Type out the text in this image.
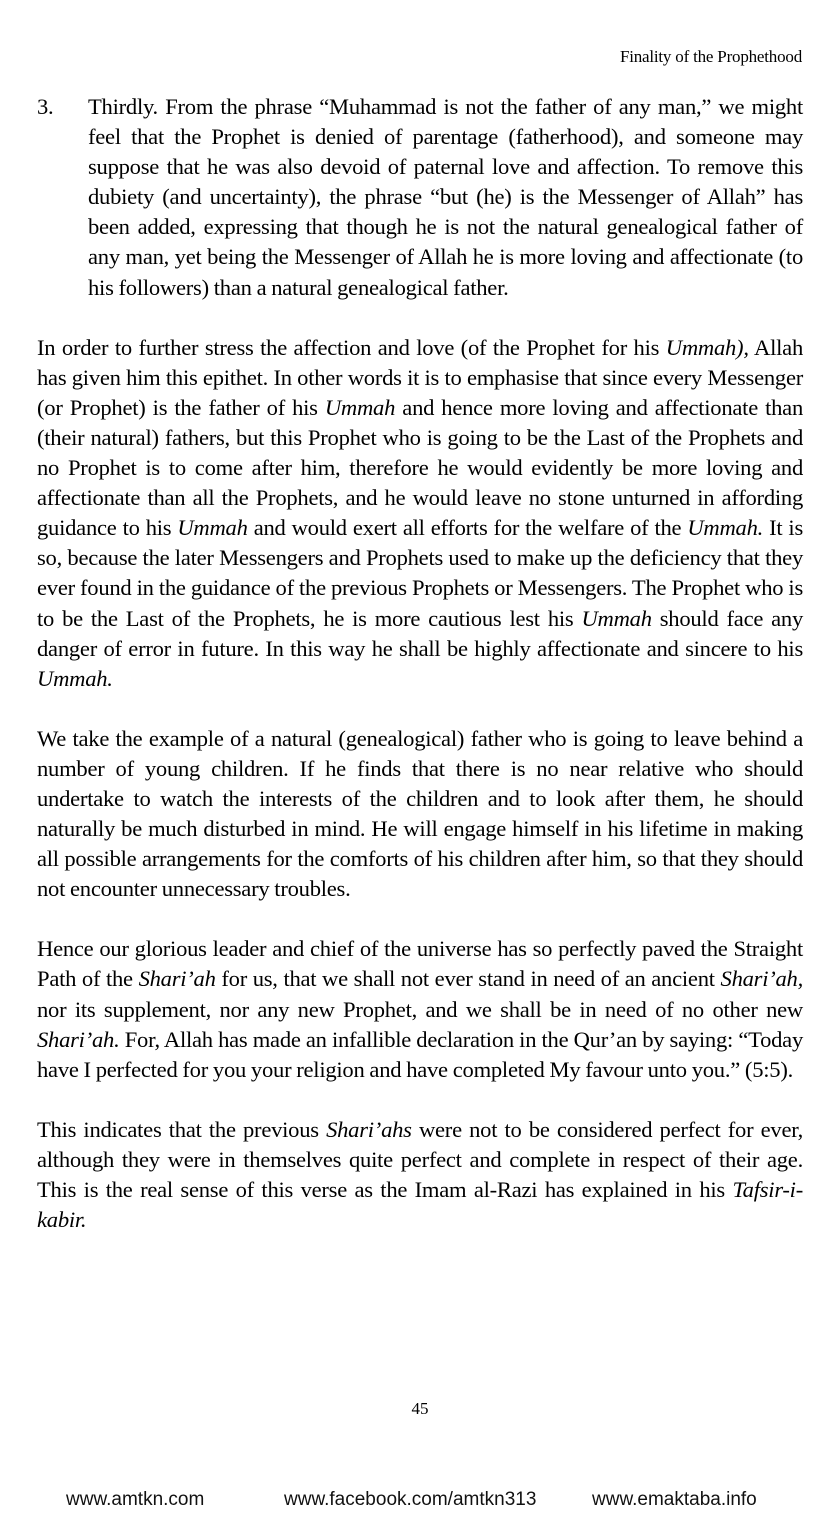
Finality of the Prophethood
3. Thirdly. From the phrase “Muhammad is not the father of any man,” we might feel that the Prophet is denied of parentage (fatherhood), and someone may suppose that he was also devoid of paternal love and affection. To remove this dubiety (and uncertainty), the phrase “but (he) is the Messenger of Allah” has been added, expressing that though he is not the natural genealogical father of any man, yet being the Messenger of Allah he is more loving and affectionate (to his followers) than a natural genealogical father.

In order to further stress the affection and love (of the Prophet for his Ummah), Allah has given him this epithet. In other words it is to emphasise that since every Messenger (or Prophet) is the father of his Ummah and hence more loving and affectionate than (their natural) fathers, but this Prophet who is going to be the Last of the Prophets and no Prophet is to come after him, therefore he would evidently be more loving and affectionate than all the Prophets, and he would leave no stone unturned in affording guidance to his Ummah and would exert all efforts for the welfare of the Ummah. It is so, because the later Messengers and Prophets used to make up the deficiency that they ever found in the guidance of the previous Prophets or Messengers. The Prophet who is to be the Last of the Prophets, he is more cautious lest his Ummah should face any danger of error in future. In this way he shall be highly affectionate and sincere to his Ummah.

We take the example of a natural (genealogical) father who is going to leave behind a number of young children. If he finds that there is no near relative who should undertake to watch the interests of the children and to look after them, he should naturally be much disturbed in mind. He will engage himself in his lifetime in making all possible arrangements for the comforts of his children after him, so that they should not encounter unnecessary troubles.

Hence our glorious leader and chief of the universe has so perfectly paved the Straight Path of the Shari’ah for us, that we shall not ever stand in need of an ancient Shari’ah, nor its supplement, nor any new Prophet, and we shall be in need of no other new Shari’ah. For, Allah has made an infallible declaration in the Qur’an by saying: “Today have I perfected for you your religion and have completed My favour unto you.” (5:5).

This indicates that the previous Shari’ahs were not to be considered perfect for ever, although they were in themselves quite perfect and complete in respect of their age. This is the real sense of this verse as the Imam al-Razi has explained in his Tafsir-i-kabir.

45
www.amtkn.com	www.facebook.com/amtkn313	www.emaktaba.info
